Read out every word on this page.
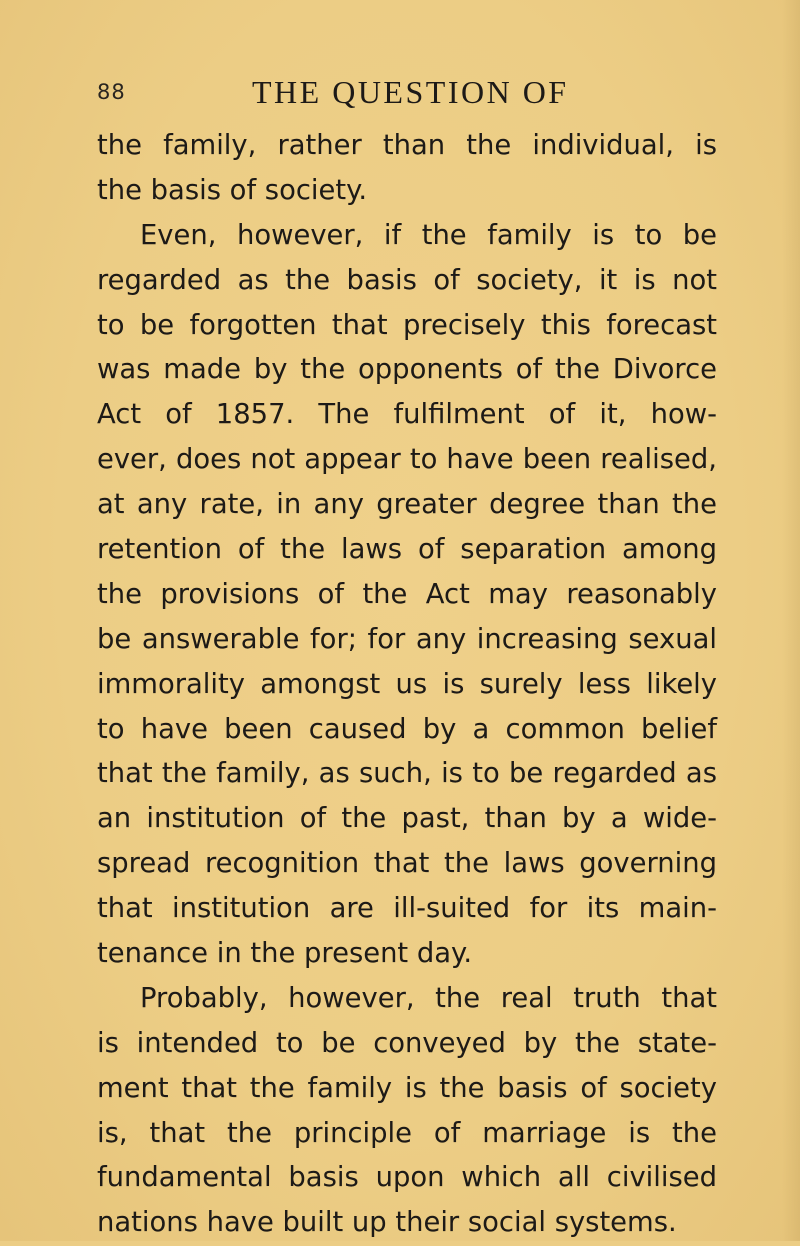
88	THE QUESTION OF
the family, rather than the individual, is
the basis of society.
Even, however, if the family is to be
regarded as the basis of society, it is not
to be forgotten that precisely this forecast
was made by the opponents of the Divorce
Act of 1857. The fulfilment of it, how-
ever, does not appear to have been realised,
at any rate, in any greater degree than the
retention of the laws of separation among
the provisions of the Act may reasonably
be answerable for; for any increasing sexual
immorality amongst us is surely less likely
to have been caused by a common belief
that the family, as such, is to be regarded as
an institution of the past, than by a wide-
spread recognition that the laws governing
that institution are ill-suited for its main-
tenance in the present day.
Probably, however, the real truth that
is intended to be conveyed by the state-
ment that the family is the basis of society
is, that the principle of marriage is the
fundamental basis upon which all civilised
nations have built up their social systems.
